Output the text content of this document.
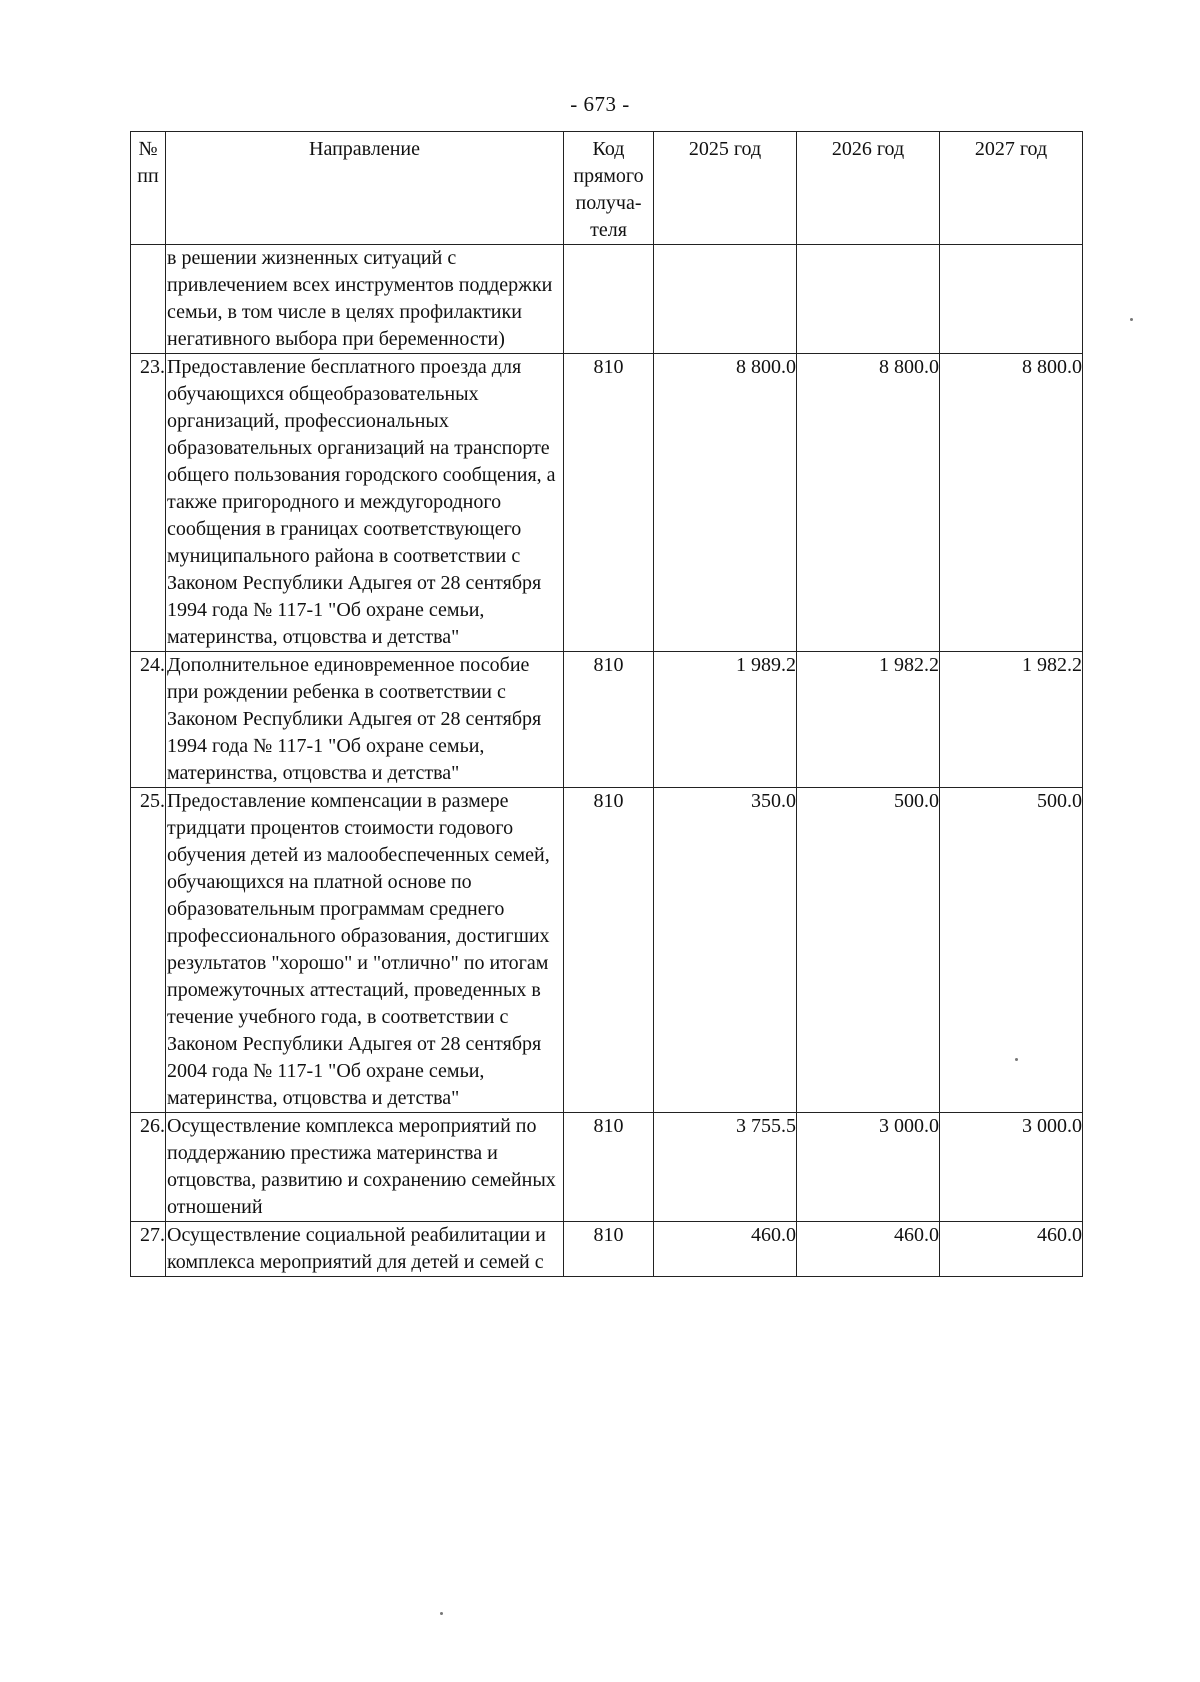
- 673 -
№ пп	Направление	Код прямого получа- теля	2025 год	2026 год	2027 год
	в решении жизненных ситуаций с привлечением всех инструментов поддержки семьи, в том числе в целях профилактики негативного выбора при беременности)				
23.	Предоставление бесплатного проезда для обучающихся общеобразовательных организаций, профессиональных образовательных организаций на транспорте общего пользования городского сообщения, а также пригородного и междугородного сообщения в границах соответствующего муниципального района в соответствии с Законом Республики Адыгея от 28 сентября 1994 года № 117-1 "Об охране семьи, материнства, отцовства и детства"	810	8 800.0	8 800.0	8 800.0
24.	Дополнительное единовременное пособие при рождении ребенка в соответствии с Законом Республики Адыгея от 28 сентября 1994 года № 117-1 "Об охране семьи, материнства, отцовства и детства"	810	1 989.2	1 982.2	1 982.2
25.	Предоставление компенсации в размере тридцати процентов стоимости годового обучения детей из малообеспеченных семей, обучающихся на платной основе по образовательным программам среднего профессионального образования, достигших результатов "хорошо" и "отлично" по итогам промежуточных аттестаций, проведенных в течение учебного года, в соответствии с Законом Республики Адыгея от 28 сентября 2004 года № 117-1 "Об охране семьи, материнства, отцовства и детства"	810	350.0	500.0	500.0
26.	Осуществление комплекса мероприятий по поддержанию престижа материнства и отцовства, развитию и сохранению семейных отношений	810	3 755.5	3 000.0	3 000.0
27.	Осуществление социальной реабилитации и комплекса мероприятий для детей и семей с	810	460.0	460.0	460.0
